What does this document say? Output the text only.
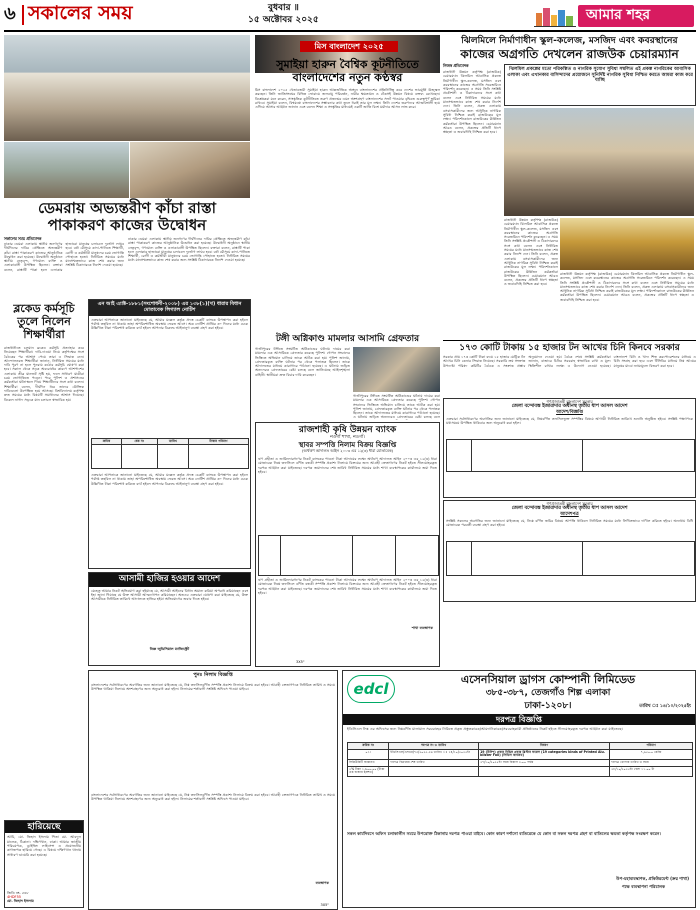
৬ সকালের সময়	বুধবার ॥
১৫ অক্টোবর ২০২৫	আমার শহর
ডেমরায় অভ্যন্তরীণ কাঁচা রাস্তা
পাকাকরণ কাজের উদ্বোধন
সকালের সময় প্রতিবেদক
ঢাকার ডেমরা এলাকায় স্থানীয় জনগণের দীর্ঘদিনের দাবির প্রেক্ষিতে অভ্যন্তরীণ কাঁচা রাস্তা পাকাকরণ কাজের আনুষ্ঠানিক উদ্বোধন করা হয়েছে। উদ্বোধনী অনুষ্ঠানে স্থানীয় নেতৃবৃন্দ, গণ্যমান্য ব্যক্তি ও এলাকাবাসী উপস্থিত ছিলেন। বক্তারা বলেন, রাস্তাটি পাকা হলে এলাকার হাজারো মানুষের চলাচলে দুর্ভোগ লাঘব হবে। বর্ষা মৌসুমে কাদা-পানিতে শিক্ষার্থী, রোগী ও কর্মজীবী মানুষদের চরম ভোগান্তি পোহাতে হতো। নির্ধারিত সময়ের মধ্যে মানসম্মতভাবে কাজ শেষ করার জন্য সংশ্লিষ্ট ঠিকাদারকে নির্দেশ দেওয়া হয়েছে।
ঢাকার ডেমরা এলাকায় স্থানীয় জনগণের দীর্ঘদিনের দাবির প্রেক্ষিতে অভ্যন্তরীণ কাঁচা রাস্তা পাকাকরণ কাজের আনুষ্ঠানিক উদ্বোধন করা হয়েছে। উদ্বোধনী অনুষ্ঠানে স্থানীয় নেতৃবৃন্দ, গণ্যমান্য ব্যক্তি ও এলাকাবাসী উপস্থিত ছিলেন। বক্তারা বলেন, রাস্তাটি পাকা হলে এলাকার হাজারো মানুষের চলাচলে দুর্ভোগ লাঘব হবে। বর্ষা মৌসুমে কাদা-পানিতে শিক্ষার্থী, রোগী ও কর্মজীবী মানুষদের চরম ভোগান্তি পোহাতে হতো। নির্ধারিত সময়ের মধ্যে মানসম্মতভাবে কাজ শেষ করার জন্য সংশ্লিষ্ট ঠিকাদারকে নির্দেশ দেওয়া হয়েছে।
ব্লকেড কর্মসূচি তুলে নিলেন শিক্ষার্থীরা
রাজধানীতে চলমান ব্লকেড কর্মসূচি প্রত্যাহার করে নিয়েছেন শিক্ষার্থীরা। দাবি-দাওয়া নিয়ে কর্তৃপক্ষের সঙ্গে বৈঠকের পর আশ্বাস পেয়ে তারা এ সিদ্ধান্ত নেন। আন্দোলনরত শিক্ষার্থীরা জানান, নির্ধারিত সময়ের মধ্যে দাবি পূরণ না হলে পুনরায় কঠোর কর্মসূচি ঘোষণা করা হবে। সকাল থেকে সড়ক অবরোধের কারণে আশপাশের এলাকায় তীব্র যানজট সৃষ্টি হয়, ফলে সাধারণ যাত্রীরা চরম ভোগান্তিতে পড়েন। পরে পুলিশ ও প্রশাসনের কর্মকর্তারা ঘটনাস্থলে গিয়ে শিক্ষার্থীদের সঙ্গে কথা বলেন। শিক্ষার্থীরা বলেন, দীর্ঘদিন ধরে তাদের যৌক্তিক দাবিগুলো উপেক্ষিত হয়ে আসছে। বিশ্ববিদ্যালয় কর্তৃপক্ষ দ্রুত সময়ের মধ্যে বিষয়টি সমাধানের আশ্বাস দিয়েছে। বিকেল নাগাদ সড়কে যান চলাচল স্বাভাবিক হয়।
এন আই এ্যাক্ট-১৮৮১(সংশোধনী-২০০৮) এর ১৩৮(১)(খ) ধারার বিধান মোতাবেক লিগ্যাল নোটিশ
এতদ্বারা আপনাকে জানানো যাইতেছে যে, আমার মক্কেল কর্তৃক প্রদত্ত চেকটি ব্যাংকে উপস্থাপন করা হইলে পর্যাপ্ত তহবিল না থাকায় তাহা অপরিশোধিত অবস্থায় ফেরত আসে। অত্র নোটিশ প্রাপ্তির ৩০ দিনের মধ্যে চেকে উল্লিখিত টাকা পরিশোধ করিতে ব্যর্থ হইলে আপনার বিরুদ্ধে আইনানুগ ব্যবস্থা গ্রহণ করা হইবে।
ক্রমিক	চেক নং	তারিখ	টাকার পরিমাণ

এতদ্বারা আপনাকে জানানো যাইতেছে যে, আমার মক্কেল কর্তৃক প্রদত্ত চেকটি ব্যাংকে উপস্থাপন করা হইলে পর্যাপ্ত তহবিল না থাকায় তাহা অপরিশোধিত অবস্থায় ফেরত আসে। অত্র নোটিশ প্রাপ্তির ৩০ দিনের মধ্যে চেকে উল্লিখিত টাকা পরিশোধ করিতে ব্যর্থ হইলে আপনার বিরুদ্ধে আইনানুগ ব্যবস্থা গ্রহণ করা হইবে।
আসামী হাজির হওয়ার আদেশ
যেহেতু আমার নিকট অভিযোগ করা হইয়াছে যে, আসামী আইনের বিধান অমান্য করিয়া অপরাধ করিয়াছেন এবং ইহা জানা গিয়াছে যে উক্ত আসামী আত্মগোপন করিয়াছেন। অতএব এতদ্বারা ঘোষণা করা যাইতেছে যে, উক্ত আসামীকে নির্ধারিত তারিখে আদালতে হাজির হইয়া অভিযোগের জবাব দিতে হইবে।
বিজ্ঞ জুডিসিয়াল ম্যাজিস্ট্রেট
পুনঃ নিলাম বিজ্ঞপ্তি
বাংলাদেশের সর্বসাধারণের অবগতির জন্য জানানো যাইতেছে যে, নিম্ন তফসিলবর্ণিত সম্পত্তি প্রকাশ্য নিলামে বিক্রয় করা হইবে। আগ্রহী ক্রেতাগণকে নির্ধারিত তারিখ ও সময়ে উপস্থিত থাকিয়া নিলামে অংশগ্রহণের জন্য অনুরোধ করা হইল। নিলামের শর্তাবলী সংশ্লিষ্ট অফিসে পাওয়া যাইবে।
বাংলাদেশের সর্বসাধারণের অবগতির জন্য জানানো যাইতেছে যে, নিম্ন তফসিলবর্ণিত সম্পত্তি প্রকাশ্য নিলামে বিক্রয় করা হইবে। আগ্রহী ক্রেতাগণকে নির্ধারিত তারিখ ও সময়ে উপস্থিত থাকিয়া নিলামে অংশগ্রহণের জন্য অনুরোধ করা হইল। নিলামের শর্তাবলী সংশ্লিষ্ট অফিসে পাওয়া যাইবে।
ব্যবস্থাপক
3X5"
হারিয়েছে
আমি, মো. জিহাদ ইসলাম পিতা মো. আবদুল মালেক, ঠিকানা: দক্ষিণখান, ঢাকা। আমার জাতীয় পরিচয়পত্র, ড্রাইভিং লাইসেন্স ও প্রয়োজনীয় কাগজপত্র হারিয়ে গেছে। এ বিষয়ে দক্ষিণখান থানায় সাধারণ ডায়েরি করা হয়েছে।
জিডি নং- ৫৪৮
4HDF55
মো. জিহাদ ইসলাম
মিস বাংলাদেশ ২০২৫
সুমাইয়া হারুন বৈশ্বিক কূটনীতিতে
বাংলাদেশের নতুন কণ্ঠস্বর
মিস বাংলাদেশ ২০২৫ খেতাবজয়ী সুমাইয়া হারুন আন্তর্জাতিক অঙ্গনে বাংলাদেশের প্রতিনিধিত্ব করে দেশের ভাবমূর্তি উজ্জ্বল করছেন। তিনি জাতিসংঘের বিভিন্ন ফোরামে জলবায়ু পরিবর্তন, নারীর ক্ষমতায়ন ও টেকসই উন্নয়ন বিষয়ে বক্তব্য রেখেছেন। বিশ্লেষকরা মনে করেন, সাংস্কৃতিক কূটনীতিতে তরুণ প্রজন্মের এমন অংশগ্রহণ বাংলাদেশের সফট পাওয়ার বৃদ্ধিতে গুরুত্বপূর্ণ ভূমিকা রাখবে। সুমাইয়া বলেন, বিশ্বমঞ্চে বাংলাদেশের সম্ভাবনার কথা তুলে ধরাই তার মূল লক্ষ্য। তিনি দেশের তরুণদের আত্মবিশ্বাসী হয়ে এগিয়ে আসার আহ্বান জানান এবং বলেন শিক্ষা ও সংস্কৃতির মাধ্যমেই একটি জাতি বিশ্বে মর্যাদার আসন লাভ করে।
টঙ্গী অগ্নিকাণ্ড মামলার আসামি গ্রেফতার
গাজীপুরের টঙ্গীতে সংঘটিত অগ্নিকাণ্ডের ঘটনায় দায়ের করা মামলার এক আসামিকে গ্রেফতার করেছে পুলিশ। গোপন সংবাদের ভিত্তিতে অভিযান চালিয়ে তাকে আটক করা হয়। পুলিশ জানায়, গ্রেফতারকৃত ব্যক্তি ঘটনার পর থেকে পলাতক ছিলেন। তাকে আদালতের মাধ্যমে কারাগারে পাঠানো হয়েছে। এ ঘটনায় জড়িত অন্যদেরও গ্রেফতারের চেষ্টা চলছে বলে জানিয়েছে আইনশৃঙ্খলা বাহিনী। স্থানীয়রা দ্রুত বিচার দাবি করেছেন।
গাজীপুরের টঙ্গীতে সংঘটিত অগ্নিকাণ্ডের ঘটনায় দায়ের করা মামলার এক আসামিকে গ্রেফতার করেছে পুলিশ। গোপন সংবাদের ভিত্তিতে অভিযান চালিয়ে তাকে আটক করা হয়। পুলিশ জানায়, গ্রেফতারকৃত ব্যক্তি ঘটনার পর থেকে পলাতক ছিলেন। তাকে আদালতের মাধ্যমে কারাগারে পাঠানো হয়েছে। এ ঘটনায় জড়িত অন্যদেরও গ্রেফতারের চেষ্টা চলছে বলে
ঝিলমিলে নির্মাণাধীন স্কুল-কলেজ, মসজিদ এবং কবরস্থানের
কাজের অগ্রগতি দেখলেন রাজউক চেয়ারম্যান
নিজস্ব প্রতিবেদক
রাজধানী উন্নয়ন কর্তৃপক্ষ (রাজউক) চেয়ারম্যান ঝিলমিল আবাসিক প্রকল্পে নির্মাণাধীন স্কুল-কলেজ, মসজিদ এবং কবরস্থানের কাজের অগ্রগতি সরেজমিনে পরিদর্শন করেছেন। এ সময় তিনি সংশ্লিষ্ট প্রকৌশলী ও ঠিকাদারদের সঙ্গে কথা বলেন এবং নির্ধারিত সময়ের মধ্যে মানসম্মতভাবে কাজ শেষ করার নির্দেশ দেন। তিনি বলেন, প্রকল্প এলাকায় বসবাসকারীদের জন্য আধুনিক নাগরিক সুবিধা নিশ্চিত করাই রাজউকের মূল লক্ষ্য। পরিদর্শনকালে রাজউকের ঊর্ধ্বতন কর্মকর্তারা উপস্থিত ছিলেন। চেয়ারম্যান আরও বলেন, প্রকল্পের প্রতিটি ধাপে স্বচ্ছতা ও জবাবদিহি নিশ্চিত করা হবে।
ঝিলমিল প্রকল্পের মতো পরিকল্পিত ও নাগরিক সুযোগ সুবিধা সম্বলিত এই প্রকল্প নাগরিকের আবাসিক এলাকা এবং এখানকার বাসিন্দাদের প্রয়োজনে সুনির্দিষ্ট নাগরিক সুবিধা নিশ্চিত করতে আমরা কাজ করে যাচ্ছি
রাজধানী উন্নয়ন কর্তৃপক্ষ (রাজউক) চেয়ারম্যান ঝিলমিল আবাসিক প্রকল্পে নির্মাণাধীন স্কুল-কলেজ, মসজিদ এবং কবরস্থানের কাজের অগ্রগতি সরেজমিনে পরিদর্শন করেছেন। এ সময় তিনি সংশ্লিষ্ট প্রকৌশলী ও ঠিকাদারদের সঙ্গে কথা বলেন এবং নির্ধারিত সময়ের মধ্যে মানসম্মতভাবে কাজ শেষ করার নির্দেশ দেন। তিনি বলেন, প্রকল্প এলাকায় বসবাসকারীদের জন্য আধুনিক নাগরিক সুবিধা নিশ্চিত করাই রাজউকের মূল লক্ষ্য। পরিদর্শনকালে রাজউকের ঊর্ধ্বতন কর্মকর্তারা উপস্থিত ছিলেন। চেয়ারম্যান আরও বলেন, প্রকল্পের প্রতিটি ধাপে স্বচ্ছতা ও জবাবদিহি নিশ্চিত করা হবে।
রাজধানী উন্নয়ন কর্তৃপক্ষ (রাজউক) চেয়ারম্যান ঝিলমিল আবাসিক প্রকল্পে নির্মাণাধীন স্কুল-কলেজ, মসজিদ এবং কবরস্থানের কাজের অগ্রগতি সরেজমিনে পরিদর্শন করেছেন। এ সময় তিনি সংশ্লিষ্ট প্রকৌশলী ও ঠিকাদারদের সঙ্গে কথা বলেন এবং নির্ধারিত সময়ের মধ্যে মানসম্মতভাবে কাজ শেষ করার নির্দেশ দেন। তিনি বলেন, প্রকল্প এলাকায় বসবাসকারীদের জন্য আধুনিক নাগরিক সুবিধা নিশ্চিত করাই রাজউকের মূল লক্ষ্য। পরিদর্শনকালে রাজউকের ঊর্ধ্বতন কর্মকর্তারা উপস্থিত ছিলেন। চেয়ারম্যান আরও বলেন, প্রকল্পের প্রতিটি ধাপে স্বচ্ছতা ও জবাবদিহি নিশ্চিত করা হবে।
১৭৩ কোটি টাকায় ১৫ হাজার টন আখের চিনি কিনবে সরকার
সরকার প্রায় ১৭৩ কোটি টাকা ব্যয়ে ১৫ হাজার মেট্রিক টন আখের চিনি কেনার সিদ্ধান্ত নিয়েছে। সরকারি ক্রয় সংক্রান্ত উপদেষ্টা পরিষদ কমিটির বৈঠকে এ সংক্রান্ত প্রস্তাব অনুমোদন দেওয়া হয়। বৈঠক শেষে সংশ্লিষ্ট কর্মকর্তারা জানান, বাজারে চিনির সরবরাহ স্বাভাবিক রাখা ও মূল্য স্থিতিশীল রাখার লক্ষ্যে এ উদ্যোগ নেওয়া হয়েছে। বাংলাদেশ চিনি ও খাদ্য শিল্প করপোরেশনের মাধ্যমে এ চিনি সংগ্রহ করা হবে এবং টিসিবির মাধ্যমে নিম্ন আয়ের মানুষের মাঝে ন্যায্যমূল্যে বিতরণ করা হবে।
গণপ্রজাতন্ত্রী বাংলাদেশ সরকার
জেলা বন্দোবস্ত ইজারাদার অধীনস্থ তৃতীয় ধাপ আসল আদেশ
আদেশ/বিজ্ঞপ্তি
এতদ্বারা সর্বসাধারণের অবগতির জন্য জানানো যাইতেছে যে, নিম্নবর্ণিত তফসিলভুক্ত সম্পত্তির বিষয়ে আগামী নির্ধারিত তারিখে শুনানি অনুষ্ঠিত হইবে। সংশ্লিষ্ট পক্ষগণকে যথাসময়ে উপস্থিত থাকিবার জন্য অনুরোধ করা হইল।

গণপ্রজাতন্ত্রী বাংলাদেশ সরকার
জেলা বন্দোবস্ত ইজারাদার অধীনস্থ তৃতীয় ধাপ আসল আদেশ
আদেশপত্র
সংশ্লিষ্ট সকলের অবগতির জন্য জানানো যাইতেছে যে, নিম্নে বর্ণিত জমির বিষয়ে আপত্তি থাকিলে নির্ধারিত সময়ের মধ্যে লিখিতভাবে দাখিল করিতে হইবে। অন্যথায় বিধি মোতাবেক পরবর্তী ব্যবস্থা গ্রহণ করা হইবে।

রাজশাহী কৃষি উন্নয়ন ব্যাংক
নওগাঁ শাখা, নওগাঁ।
স্থাবর সম্পত্তি নিলাম বিক্রয় বিজ্ঞপ্তি
(অর্থঋণ আদালত আইন ২০০৩ এর ১২(৩) ধারা মোতাবেক)
ঋণ গ্রহীতা ও জামিনদারগণের নিকট ব্যাংকের পাওনা টাকা আদায়ের লক্ষ্যে অর্থঋণ আদালত আইন ২০০৩ এর ১২(৩) ধারা মোতাবেক নিম্নে তফসিলে বর্ণিত বন্ধকী সম্পত্তি প্রকাশ্য নিলামে বিক্রয়ের জন্য আগ্রহী ক্রেতাগণের নিকট হইতে সীলমোহরকৃত দরপত্র আহ্বান করা যাইতেছে। দরপত্র জমাদানের শেষ তারিখ নির্ধারিত সময়ের মধ্যে শাখা ব্যবস্থাপকের কার্যালয়ে জমা দিতে হইবে।

ঋণ গ্রহীতা ও জামিনদারগণের নিকট ব্যাংকের পাওনা টাকা আদায়ের লক্ষ্যে অর্থঋণ আদালত আইন ২০০৩ এর ১২(৩) ধারা মোতাবেক নিম্নে তফসিলে বর্ণিত বন্ধকী সম্পত্তি প্রকাশ্য নিলামে বিক্রয়ের জন্য আগ্রহী ক্রেতাগণের নিকট হইতে সীলমোহরকৃত দরপত্র আহ্বান করা যাইতেছে। দরপত্র জমাদানের শেষ তারিখ নির্ধারিত সময়ের মধ্যে শাখা ব্যবস্থাপকের কার্যালয়ে জমা দিতে হইবে।
শাখা ব্যবস্থাপক
3X5"
edcl
এসেনসিয়াল ড্রাগস কোম্পানী লিমিডেড
৩৮৫-৩৮৭, তেজগাঁও শিল্প এলাকা
ঢাকা-১২০৮।	তারিখ ঃ ১৪/১০/২০২৫ইং
দরপত্র বিজ্ঞপ্তি
ইডিসিএল লিঃ এর অফিসের জন্য নিম্নবর্ণিত মালামাল সরবরাহের নিমিত্তে প্রকৃত প্রস্তুতকারক/আমদানিকারক/সরবরাহকারী প্রতিষ্ঠানের নিকট হইতে সীলমোহরকৃত দরপত্র আহ্বান করা যাইতেছে।
ক্রমিক নং	দরপত্র নং ও তারিখ	বিবরণ	পরিমাণ
০১।	ইডিসিএল/এসএম/৭৩/২০২৫-২৬ তারিখ ঃ ১৪/১০/২০২৫ইং	19 (উনিশ) প্রকার বিভিন্ন প্রকার ব্লিস্টার ফয়েল (19 categories kinds of Printed Alu. blister Foil) (সিভিল কার্যক্রম)	৭,৯৫০.০ কেজি
সিকিউরিটি জামানত	দরপত্র বিক্রয়ের শেষ তারিখ	২৭/১০/২০২৫ইং সময় বিকাল ৩.০০ পর্যন্ত	দরপত্র খোলার তারিখ ও সময়
২% টাকা ১,৬০০.০০ (টাকা এক হাজার ছয়শত)			২৮/১০/২০২৫ইং বেলা ১১.০০ টা
সকল কার্যদিবসে অফিস চলাকালীন সময়ে উপরোক্ত ঠিকানায় দরপত্র পাওয়া যাইবে। কোন কারণ দর্শানো ব্যতিরেকে যে কোন বা সকল দরপত্র গ্রহণ বা বাতিলের ক্ষমতা কর্তৃপক্ষ সংরক্ষণ করেন।
উপ-মহাব্যবস্থাপক, প্রকিউরমেন্ট (ক্রয় শাখা)
পক্ষে ব্যবস্থাপনা পরিচালক
